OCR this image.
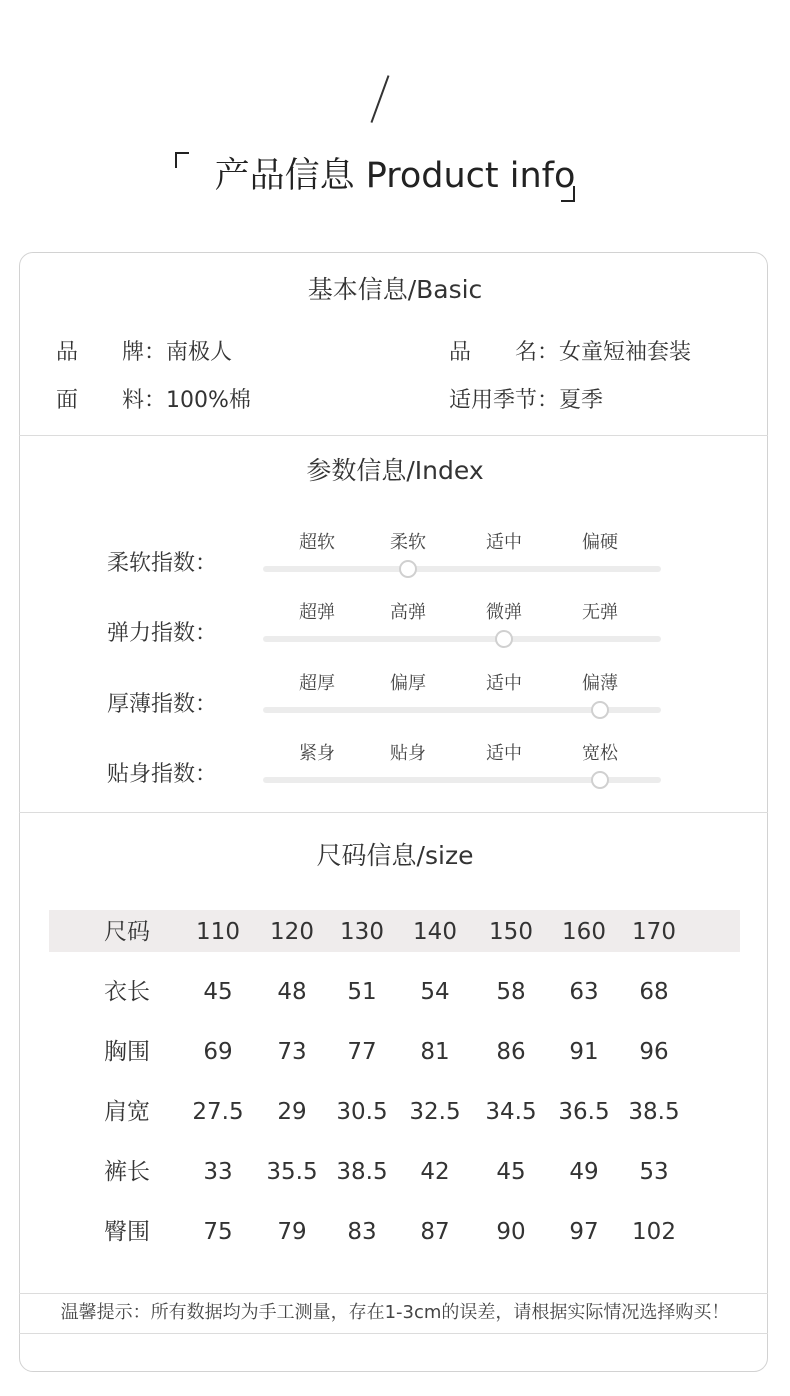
产品信息 Product info
基本信息/Basic
品　　牌：南极人	品　　名：女童短袖套装
面　　料：100%棉	适用季节：夏季
参数信息/Index
柔软指数：
超软	柔软	适中	偏硬
弹力指数：
超弹	高弹	微弹	无弹
厚薄指数：
超厚	偏厚	适中	偏薄
贴身指数：
紧身	贴身	适中	宽松
尺码信息/size
尺码	110	120	130	140	150	160	170
衣长	45	48	51	54	58	63	68
胸围	69	73	77	81	86	91	96
肩宽	27.5	29	30.5 32.5	34.5 36.5 38.5
裤长	33	35.5 38.5	42	45	49	53
臀围	75	79	83	87	90	97	102
温馨提示：所有数据均为手工测量，存在1-3cm的误差，请根据实际情况选择购买！
